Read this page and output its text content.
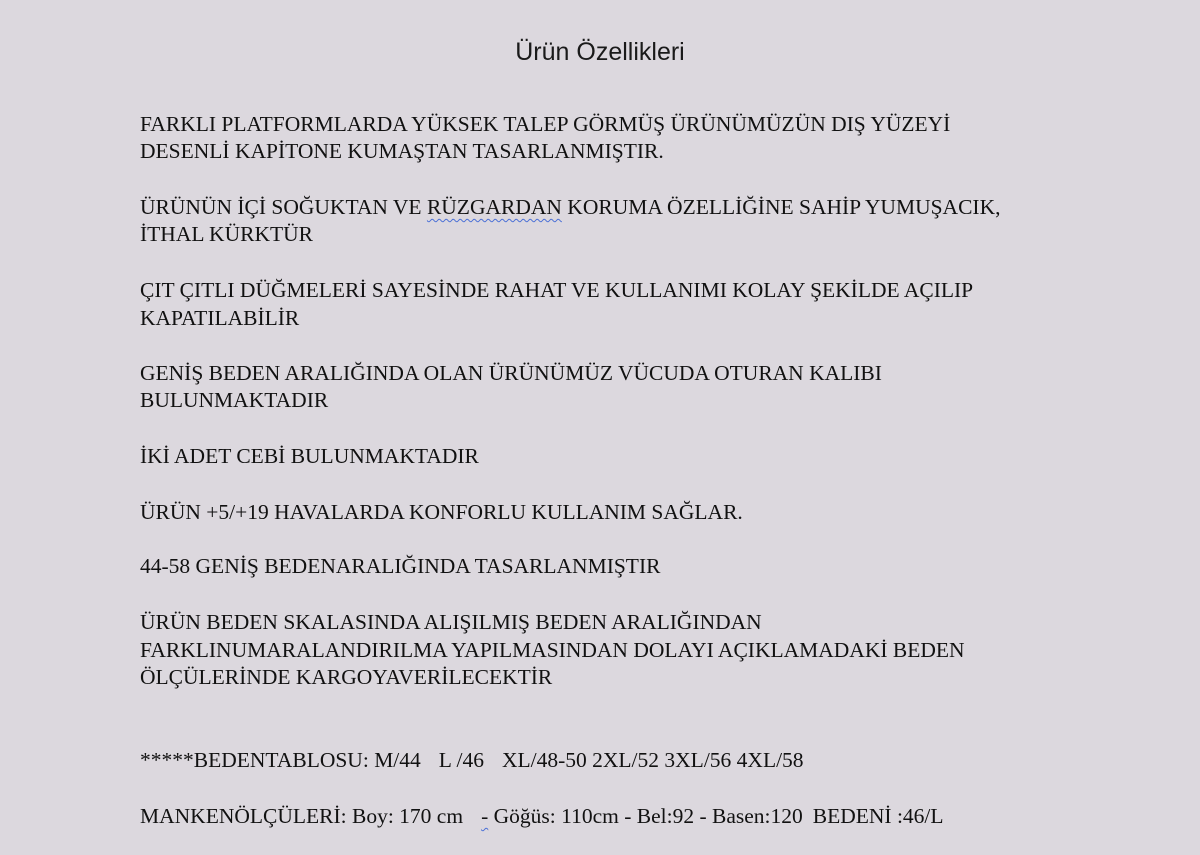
Ürün Özellikleri
FARKLI PLATFORMLARDA YÜKSEK TALEP GÖRMÜŞ ÜRÜNÜMÜZÜN DIŞ YÜZEYİ
DESENLİ KAPİTONE KUMAŞTAN TASARLANMIŞTIR.
ÜRÜNÜN İÇİ SOĞUKTAN VE RÜZGARDAN KORUMA ÖZELLİĞİNE SAHİP YUMUŞACIK,
İTHAL KÜRKTÜR
ÇIT ÇITLI DÜĞMELERİ SAYESİNDE RAHAT VE KULLANIMI KOLAY ŞEKİLDE AÇILIP
KAPATILABİLİR
GENİŞ BEDEN ARALIĞINDA OLAN ÜRÜNÜMÜZ VÜCUDA OTURAN KALIBI
BULUNMAKTADIR
İKİ ADET CEBİ BULUNMAKTADIR
ÜRÜN +5/+19 HAVALARDA KONFORLU KULLANIM SAĞLAR.
44-58 GENİŞ BEDENARALIĞINDA TASARLANMIŞTIR
ÜRÜN BEDEN SKALASINDA ALIŞILMIŞ BEDEN ARALIĞINDAN
FARKLINUMARALANDIRILMA YAPILMASINDAN DOLAYI AÇIKLAMADAKİ BEDEN
ÖLÇÜLERİNDE KARGOYAVERİLECEKTİR
*****BEDENTABLOSU: M/44 L /46 XL/48-50 2XL/52 3XL/56 4XL/58
MANKENÖLÇÜLERİ: Boy: 170 cm - Göğüs: 110cm - Bel:92 - Basen:120 BEDENİ :46/L
